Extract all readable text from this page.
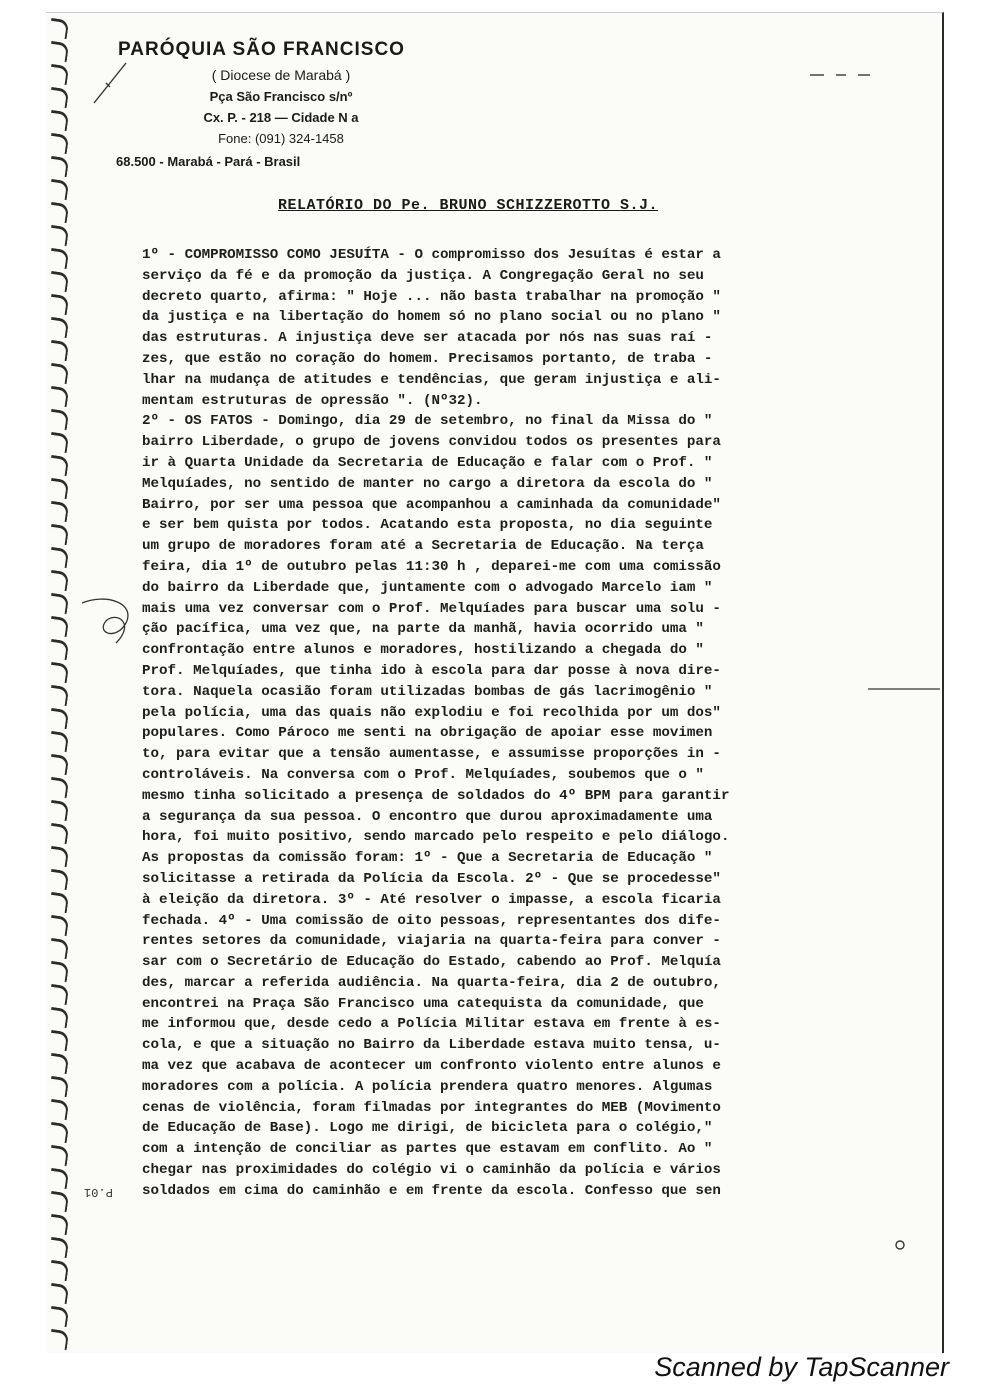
PARÓQUIA SÃO FRANCISCO
( Diocese de Marabá )
Pça São Francisco s/nº
Cx. P. - 218 — Cidade N a
Fone: (091) 324-1458
68.500 - Marabá - Pará - Brasil
RELATÓRIO DO Pe. BRUNO SCHIZZEROTTO S.J.
1º - COMPROMISSO COMO JESUÍTA - O compromisso dos Jesuítas é estar a
serviço da fé e da promoção da justiça. A Congregação Geral no seu
decreto quarto, afirma: " Hoje ... não basta trabalhar na promoção "
da justiça e na libertação do homem só no plano social ou no plano "
das estruturas. A injustiça deve ser atacada por nós nas suas raí -
zes, que estão no coração do homem. Precisamos portanto, de traba -
lhar na mudança de atitudes e tendências, que geram injustiça e ali-
mentam estruturas de opressão ". (Nº32).
2º - OS FATOS - Domingo, dia 29 de setembro, no final da Missa do "
bairro Liberdade, o grupo de jovens convidou todos os presentes para
ir à Quarta Unidade da Secretaria de Educação e falar com o Prof. "
Melquíades, no sentido de manter no cargo a diretora da escola do "
Bairro, por ser uma pessoa que acompanhou a caminhada da comunidade"
e ser bem quista por todos. Acatando esta proposta, no dia seguinte
um grupo de moradores foram até a Secretaria de Educação. Na terça
feira, dia 1º de outubro pelas 11:30 h , deparei-me com uma comissão
do bairro da Liberdade que, juntamente com o advogado Marcelo iam "
mais uma vez conversar com o Prof. Melquíades para buscar uma solu -
ção pacífica, uma vez que, na parte da manhã, havia ocorrido uma "
confrontação entre alunos e moradores, hostilizando a chegada do "
Prof. Melquíades, que tinha ido à escola para dar posse à nova dire-
tora. Naquela ocasião foram utilizadas bombas de gás lacrimogênio "
pela polícia, uma das quais não explodiu e foi recolhida por um dos"
populares. Como Pároco me senti na obrigação de apoiar esse movimen
to, para evitar que a tensão aumentasse, e assumisse proporções in -
controláveis. Na conversa com o Prof. Melquíades, soubemos que o "
mesmo tinha solicitado a presença de soldados do 4º BPM para garantir
a segurança da sua pessoa. O encontro que durou aproximadamente uma
hora, foi muito positivo, sendo marcado pelo respeito e pelo diálogo.
As propostas da comissão foram: 1º - Que a Secretaria de Educação "
solicitasse a retirada da Polícia da Escola. 2º - Que se procedesse"
à eleição da diretora. 3º - Até resolver o impasse, a escola ficaria
fechada. 4º - Uma comissão de oito pessoas, representantes dos dife-
rentes setores da comunidade, viajaria na quarta-feira para conver -
sar com o Secretário de Educação do Estado, cabendo ao Prof. Melquía
des, marcar a referida audiência. Na quarta-feira, dia 2 de outubro,
encontrei na Praça São Francisco uma catequista da comunidade, que
me informou que, desde cedo a Polícia Militar estava em frente à es-
cola, e que a situação no Bairro da Liberdade estava muito tensa, u-
ma vez que acabava de acontecer um confronto violento entre alunos e
moradores com a polícia. A polícia prendera quatro menores. Algumas
cenas de violência, foram filmadas por integrantes do MEB (Movimento
de Educação de Base). Logo me dirigi, de bicicleta para o colégio,"
com a intenção de conciliar as partes que estavam em conflito. Ao "
chegar nas proximidades do colégio vi o caminhão da polícia e vários
soldados em cima do caminhão e em frente da escola. Confesso que sen
P.01
Scanned by TapScanner
